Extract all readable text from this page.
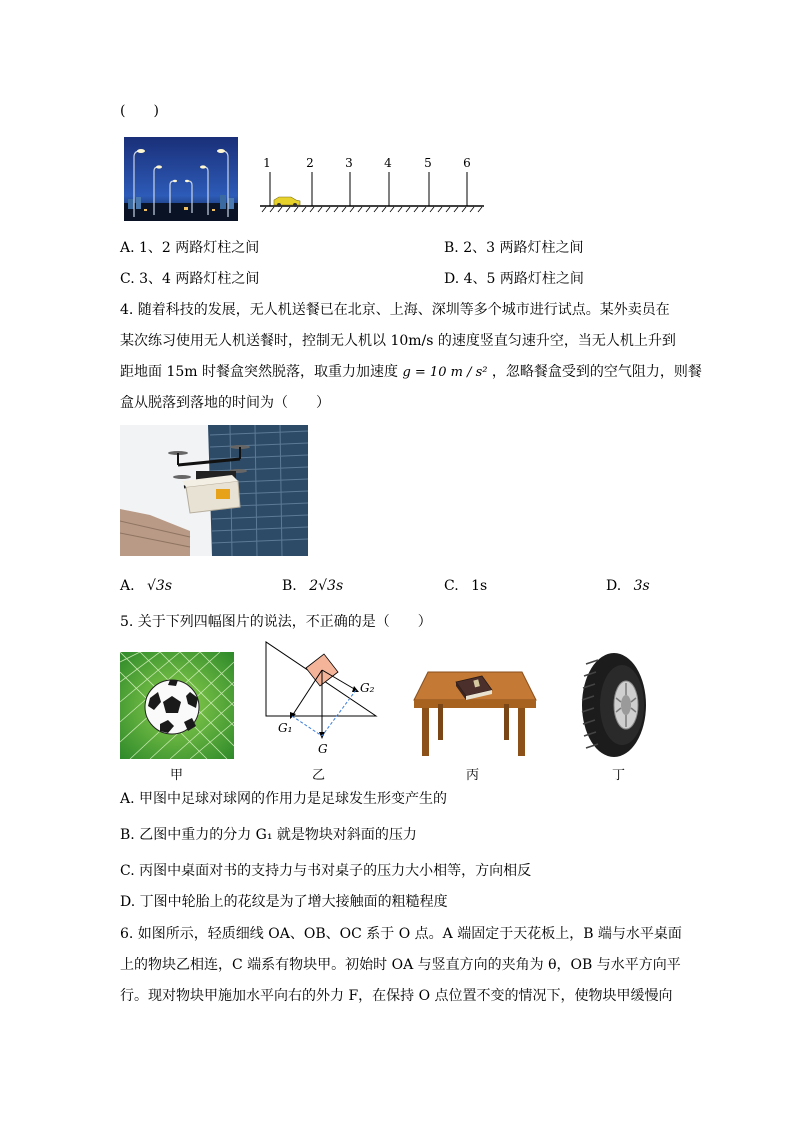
(　　)
1	2	3	4	5	6
A. 1、2 两路灯柱之间	B. 2、3 两路灯柱之间
C. 3、4 两路灯柱之间	D. 4、5 两路灯柱之间
4. 随着科技的发展，无人机送餐已在北京、上海、深圳等多个城市进行试点。某外卖员在
某次练习使用无人机送餐时，控制无人机以 10m/s 的速度竖直匀速升空，当无人机上升到
距地面 15m 时餐盒突然脱落，取重力加速度 g = 10 m / s² ，忽略餐盒受到的空气阻力，则餐
盒从脱落到落地的时间为（　　）
A. √3s	B. 2√3s	C. 1s	D. 3s
5. 关于下列四幅图片的说法，不正确的是（　　）
甲
G₂
G₁
G
乙	丙	丁
A. 甲图中足球对球网的作用力是足球发生形变产生的
B. 乙图中重力的分力 G₁ 就是物块对斜面的压力
C. 丙图中桌面对书的支持力与书对桌子的压力大小相等，方向相反
D. 丁图中轮胎上的花纹是为了增大接触面的粗糙程度
6. 如图所示，轻质细线 OA、OB、OC 系于 O 点。A 端固定于天花板上，B 端与水平桌面
上的物块乙相连，C 端系有物块甲。初始时 OA 与竖直方向的夹角为 θ，OB 与水平方向平
行。现对物块甲施加水平向右的外力 F，在保持 O 点位置不变的情况下，使物块甲缓慢向
